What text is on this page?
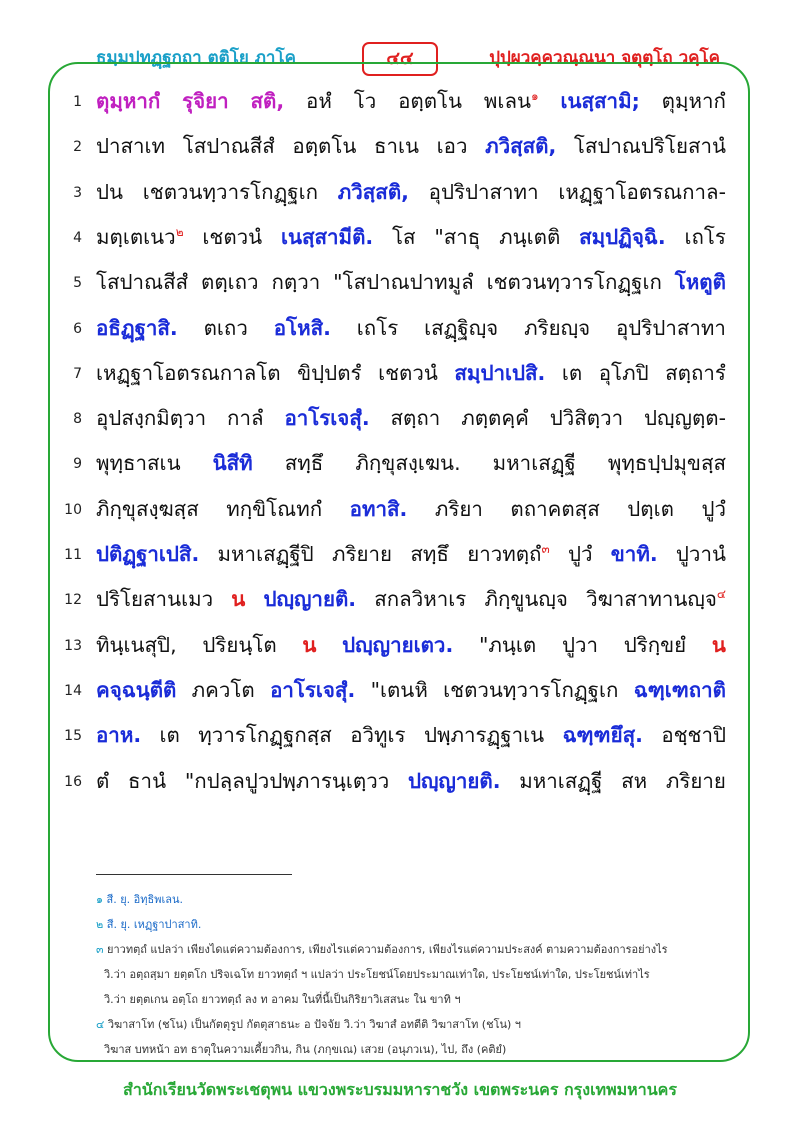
ธมฺมปทฏฺฐกถา ตติโย ภาโค	๔๔	ปุปฺผวคฺควณฺณนา จตุตฺโถ วคฺโค
1 ตุมฺหากํ รุจิยา สติ, อหํ โว อตฺตโน พเลน$^๑$ เนสฺสามิ; ตุมฺหากํ
2 ปาสาเท โสปาณสีสํ อตฺตโน ธาเน เอว ภวิสฺสติ, โสปาณปริโยสานํ
3 ปน เชตวนทฺวารโกฏฺฐเก ภวิสฺสติ, อุปริปาสาทา เหฏฺฐาโอตรณกาล-
4 มตฺเตเนว$^๒$ เชตวนํ เนสฺสามีติ. โส "สาธุ ภนฺเตติ สมฺปฏิจฺฉิ. เถโร
5 โสปาณสีสํ ตตฺเถว กตฺวา "โสปาณปาทมูลํ เชตวนทฺวารโกฏฺฐเก โหตูติ
6 อธิฏฺฐาสิ. ตเถว อโหสิ. เถโร เสฏฺฐิญฺจ ภริยญฺจ อุปริปาสาทา
7 เหฏฺฐาโอตรณกาลโต ขิปฺปตรํ เชตวนํ สมฺปาเปสิ. เต อุโภปิ สตฺถารํ
8 อุปสงฺกมิตฺวา กาลํ อาโรเจสุํ. สตฺถา ภตฺตคฺคํ ปวิสิตฺวา ปญฺญตฺต-
9 พุทฺธาสเน นิสีทิ สทฺธึ ภิกฺขุสงฺเฆน. มหาเสฏฺฐี พุทฺธปฺปมุขสฺส
10 ภิกฺขุสงฺฆสฺส ทกฺขิโณทกํ อทาสิ. ภริยา ตถาคตสฺส ปตฺเต ปูวํ
11 ปติฏฺฐาเปสิ. มหาเสฏฺฐีปิ ภริยาย สทฺธึ ยาวทตฺถํ$^๓$ ปูวํ ขาทิ. ปูวานํ
12 ปริโยสานเมว น ปญฺญายติ. สกลวิหาเร ภิกฺขูนญฺจ วิฆาสาทานญฺจ$^๔$
13 ทินฺเนสุปิ, ปริยนฺโต น ปญฺญายเตว. "ภนฺเต ปูวา ปริกฺขยํ น
14 คจฺฉนฺตีติ ภควโต อาโรเจสุํ. "เตนหิ เชตวนทฺวารโกฏฺฐเก ฉฑฺเฑถาติ
15 อาห. เต ทฺวารโกฏฺฐกสฺส อวิทูเร ปพฺภารฏฺฐาเน ฉฑฺฑยึสุ. อชฺชาปิ
16 ตํ ธานํ "กปลฺลปูวปพฺภารนฺเตฺวว ปญฺญายติ. มหาเสฏฺฐี สห ภริยาย
๑ สี. ยุ. อิทฺธิพเลน.
๒ สี. ยุ. เหฏฺฐาปาสาทิ.
๓ ยาวทตฺถํ แปลว่า เพียงไดแต่ความต้องการ, เพียงไรแต่ความต้องการ, เพียงไรแต่ความประสงค์ ตามความต้องการอย่างไร
วิ.ว่า อตฺถสฺมา ยตฺตโก ปริจเฉโท ยาวทตฺถํ ฯ แปลว่า ประโยชน์โดยประมาณเท่าใด, ประโยชน์เท่าใด, ประโยชน์เท่าไร
วิ.ว่า ยตฺตเกน อตฺโถ ยาวทตฺถํ ลง ท อาคม ในที่นี้เป็นกิริยาวิเสสนะ ใน ขาทิ ฯ
๔ วิฆาสาโท (ชโน) เป็นกัตตุรูป กัตตุสาธนะ อ ปัจจัย วิ.ว่า วิฆาสํ อทตีติ วิฆาสาโท (ชโน) ฯ
วิฆาส บทหน้า อท ธาตุในความเคี้ยวกิน, กิน (ภกฺขเณ) เสวย (อนุภวเน), ไป, ถึง (คติยํ)
สำนักเรียนวัดพระเชตุพน แขวงพระบรมมหาราชวัง เขตพระนคร กรุงเทพมหานคร
